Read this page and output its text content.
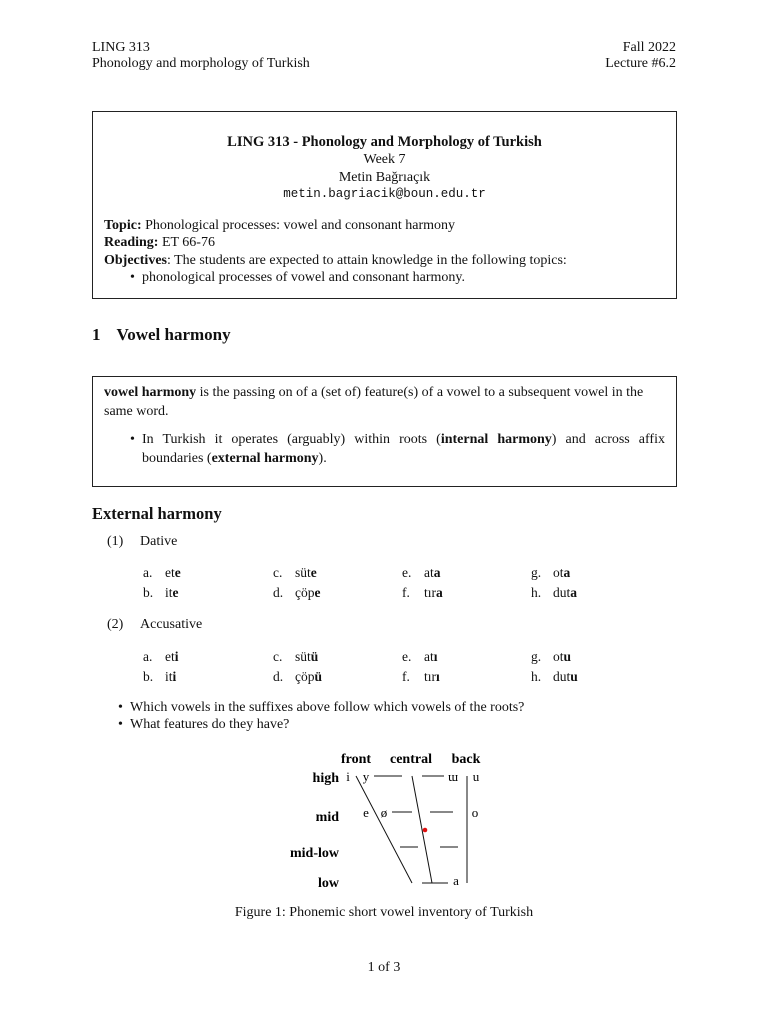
LING 313
Phonology and morphology of Turkish
Fall 2022
Lecture #6.2
LING 313 - Phonology and Morphology of Turkish
Week 7
Metin Bağrıaçık
metin.bagriacik@boun.edu.tr
Topic: Phonological processes: vowel and consonant harmony
Reading: ET 66-76
Objectives: The students are expected to attain knowledge in the following topics:
• phonological processes of vowel and consonant harmony.
1 Vowel harmony
vowel harmony is the passing on of a (set of) feature(s) of a vowel to a subsequent vowel in the same word.
• In Turkish it operates (arguably) within roots (internal harmony) and across affix boundaries (external harmony).
External harmony
(1) Dative
a. ete	c. süte	e. ata	g. ota
b. ite	d. çöpe	f. tıra	h. duta
(2) Accusative
a. eti	c. sütü	e. atı	g. otu
b. iti	d. çöpü	f. tırı	h. dutu
• Which vowels in the suffixes above follow which vowels of the roots?
• What features do they have?
front central back
high
mid
mid-low
low
i y	ɯ u
e ø	o
a
Figure 1: Phonemic short vowel inventory of Turkish
1 of 3
